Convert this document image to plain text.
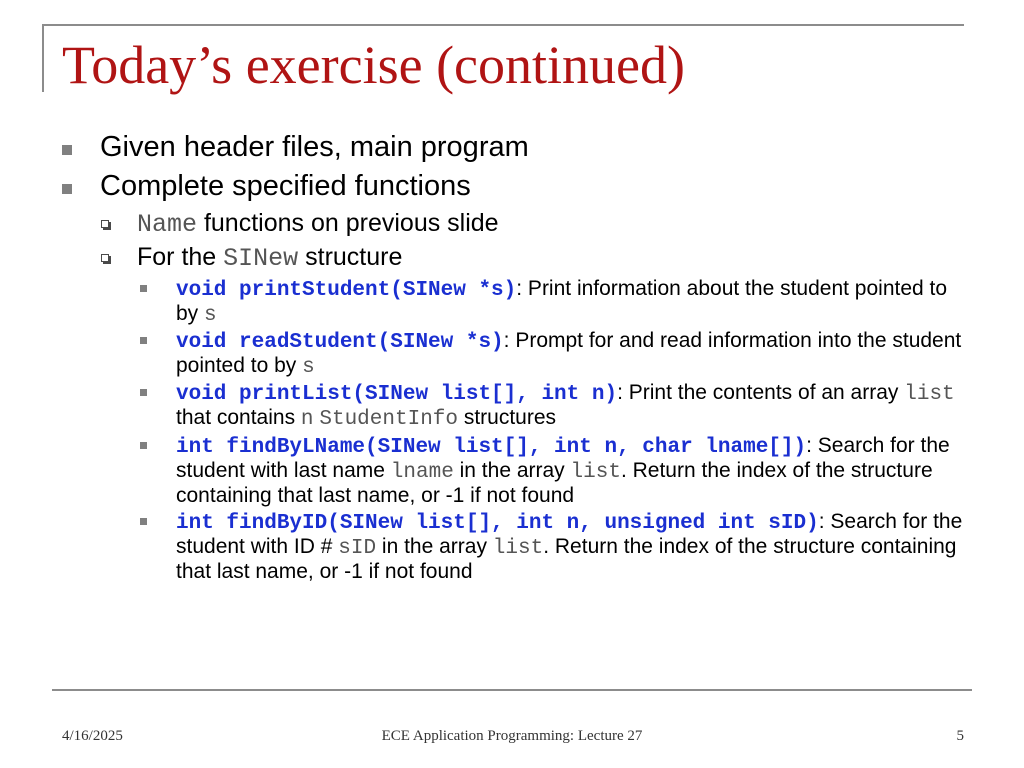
Today’s exercise (continued)
Given header files, main program
Complete specified functions
Name functions on previous slide
For the SINew structure
void printStudent(SINew *s): Print information about the student pointed to by s
void readStudent(SINew *s): Prompt for and read information into the student pointed to by s
void printList(SINew list[], int n): Print the contents of an array list that contains n StudentInfo structures
int findByLName(SINew list[], int n, char lname[]): Search for the student with last name lname in the array list. Return the index of the structure containing that last name, or -1 if not found
int findByID(SINew list[], int n, unsigned int sID): Search for the student with ID # sID in the array list. Return the index of the structure containing that last name, or -1 if not found
4/16/2025	ECE Application Programming: Lecture 27	5
